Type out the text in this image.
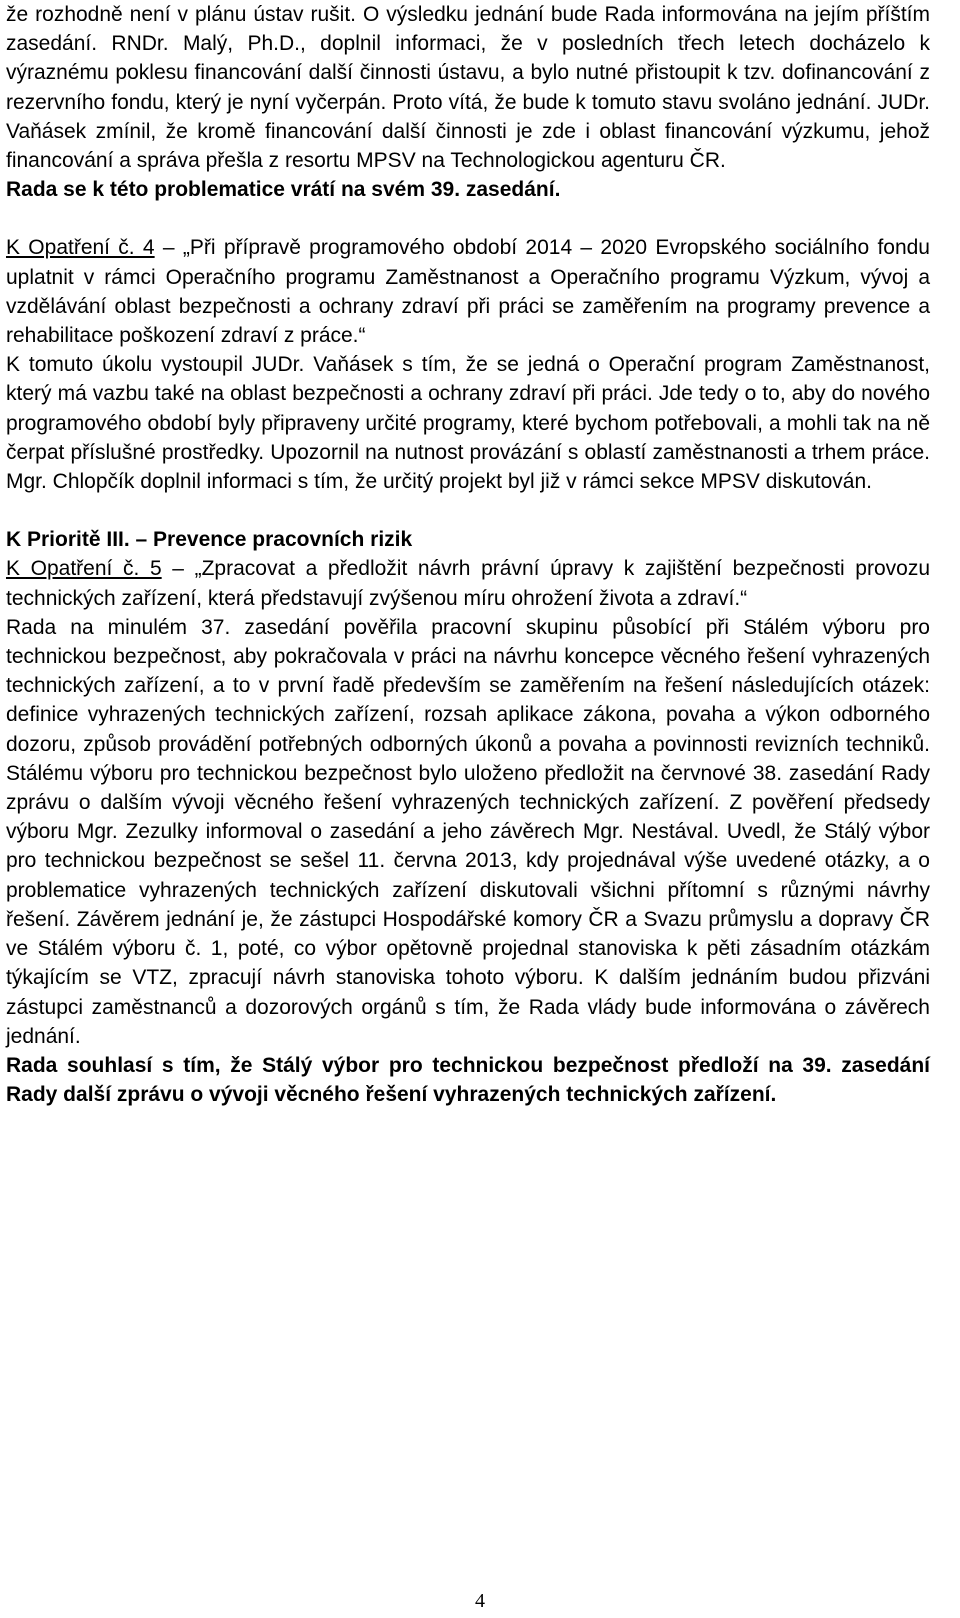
že rozhodně není v plánu ústav rušit. O výsledku jednání bude Rada informována na jejím příštím zasedání. RNDr. Malý, Ph.D., doplnil informaci, že v posledních třech letech docházelo k výraznému poklesu financování další činnosti ústavu, a bylo nutné přistoupit k tzv. dofinancování z rezervního fondu, který je nyní vyčerpán. Proto vítá, že bude k tomuto stavu svoláno jednání. JUDr. Vaňásek zmínil, že kromě financování další činnosti je zde i oblast financování výzkumu, jehož financování a správa přešla z resortu MPSV na Technologickou agenturu ČR.

Rada se k této problematice vrátí na svém 39. zasedání.

K Opatření č. 4 – „Při přípravě programového období 2014 – 2020 Evropského sociálního fondu uplatnit v rámci Operačního programu Zaměstnanost a Operačního programu Výzkum, vývoj a vzdělávání oblast bezpečnosti a ochrany zdraví při práci se zaměřením na programy prevence a rehabilitace poškození zdraví z práce.“

K tomuto úkolu vystoupil JUDr. Vaňásek s tím, že se jedná o Operační program Zaměstnanost, který má vazbu také na oblast bezpečnosti a ochrany zdraví při práci. Jde tedy o to, aby do nového programového období byly připraveny určité programy, které bychom potřebovali, a mohli tak na ně čerpat příslušné prostředky. Upozornil na nutnost provázání s oblastí zaměstnanosti a trhem práce. Mgr. Chlopčík doplnil informaci s tím, že určitý projekt byl již v rámci sekce MPSV diskutován.

K Prioritě III. – Prevence pracovních rizik

K Opatření č. 5 – „Zpracovat a předložit návrh právní úpravy k zajištění bezpečnosti provozu technických zařízení, která představují zvýšenou míru ohrožení života a zdraví.“

Rada na minulém 37. zasedání pověřila pracovní skupinu působící při Stálém výboru pro technickou bezpečnost, aby pokračovala v práci na návrhu koncepce věcného řešení vyhrazených technických zařízení, a to v první řadě především se zaměřením na řešení následujících otázek: definice vyhrazených technických zařízení, rozsah aplikace zákona, povaha a výkon odborného dozoru, způsob provádění potřebných odborných úkonů a povaha a povinnosti revizních techniků. Stálému výboru pro technickou bezpečnost bylo uloženo předložit na červnové 38. zasedání Rady zprávu o dalším vývoji věcného řešení vyhrazených technických zařízení. Z pověření předsedy výboru Mgr. Zezulky informoval o zasedání a jeho závěrech Mgr. Nestával. Uvedl, že Stálý výbor pro technickou bezpečnost se sešel 11. června 2013, kdy projednával výše uvedené otázky, a o problematice vyhrazených technických zařízení diskutovali všichni přítomní s různými návrhy řešení. Závěrem jednání je, že zástupci Hospodářské komory ČR a Svazu průmyslu a dopravy ČR ve Stálém výboru č. 1, poté, co výbor opětovně projednal stanoviska k pěti zásadním otázkám týkajícím se VTZ, zpracují návrh stanoviska tohoto výboru. K dalším jednáním budou přizváni zástupci zaměstnanců a dozorových orgánů s tím, že Rada vlády bude informována o závěrech jednání.

Rada souhlasí s tím, že Stálý výbor pro technickou bezpečnost předloží na 39. zasedání Rady další zprávu o vývoji věcného řešení vyhrazených technických zařízení.

4
